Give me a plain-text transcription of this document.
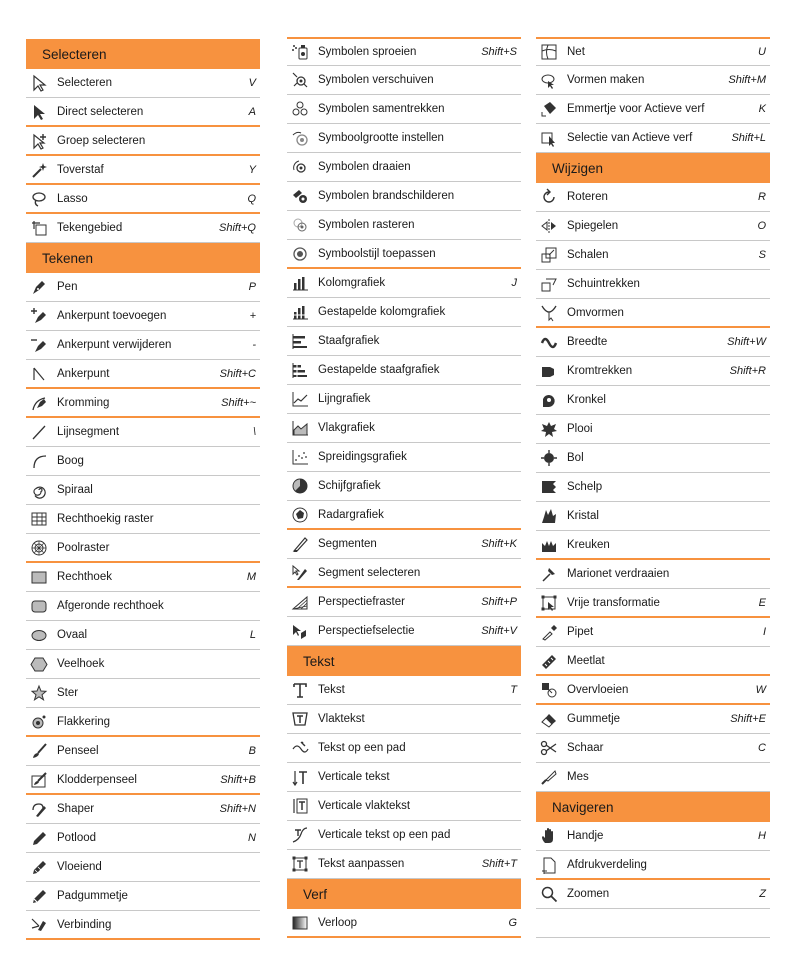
Selecteren
Selecteren	V
Direct selecteren	A
Groep selecteren
Toverstaf	Y
Lasso	Q
Tekengebied	Shift+Q
Tekenen
Pen	P
Ankerpunt toevoegen	+
Ankerpunt verwijderen	-
Ankerpunt	Shift+C
Kromming	Shift+~
Lijnsegment	\
Boog
Spiraal
Rechthoekig raster
Poolraster
Rechthoek	M
Afgeronde rechthoek
Ovaal	L
Veelhoek
Ster
Flakkering
Penseel	B
Klodderpenseel	Shift+B
Shaper	Shift+N
Potlood	N
Vloeiend
Padgummetje
Verbinding
Symbolen sproeien	Shift+S
Symbolen verschuiven
Symbolen samentrekken
Symboolgrootte instellen
Symbolen draaien
Symbolen brandschilderen
Symbolen rasteren
Symboolstijl toepassen
Kolomgrafiek	J
Gestapelde kolomgrafiek
Staafgrafiek
Gestapelde staafgrafiek
Lijngrafiek
Vlakgrafiek
Spreidingsgrafiek
Schijfgrafiek
Radargrafiek
Segmenten	Shift+K
Segment selecteren
Perspectiefraster	Shift+P
Perspectiefselectie	Shift+V
Tekst
Tekst	T
Vlaktekst
Tekst op een pad
Verticale tekst
Verticale vlaktekst
Verticale tekst op een pad
Tekst aanpassen	Shift+T
Verf
Verloop	G
Net	U
Vormen maken	Shift+M
Emmertje voor Actieve verf	K
Selectie van Actieve verf	Shift+L
Wijzigen
Roteren	R
Spiegelen	O
Schalen	S
Schuintrekken
Omvormen
Breedte	Shift+W
Kromtrekken	Shift+R
Kronkel
Plooi
Bol
Schelp
Kristal
Kreuken
Marionet verdraaien
Vrije transformatie	E
Pipet	I
Meetlat
Overvloeien	W
Gummetje	Shift+E
Schaar	C
Mes
Navigeren
Handje	H
Afdrukverdeling
Zoomen	Z
